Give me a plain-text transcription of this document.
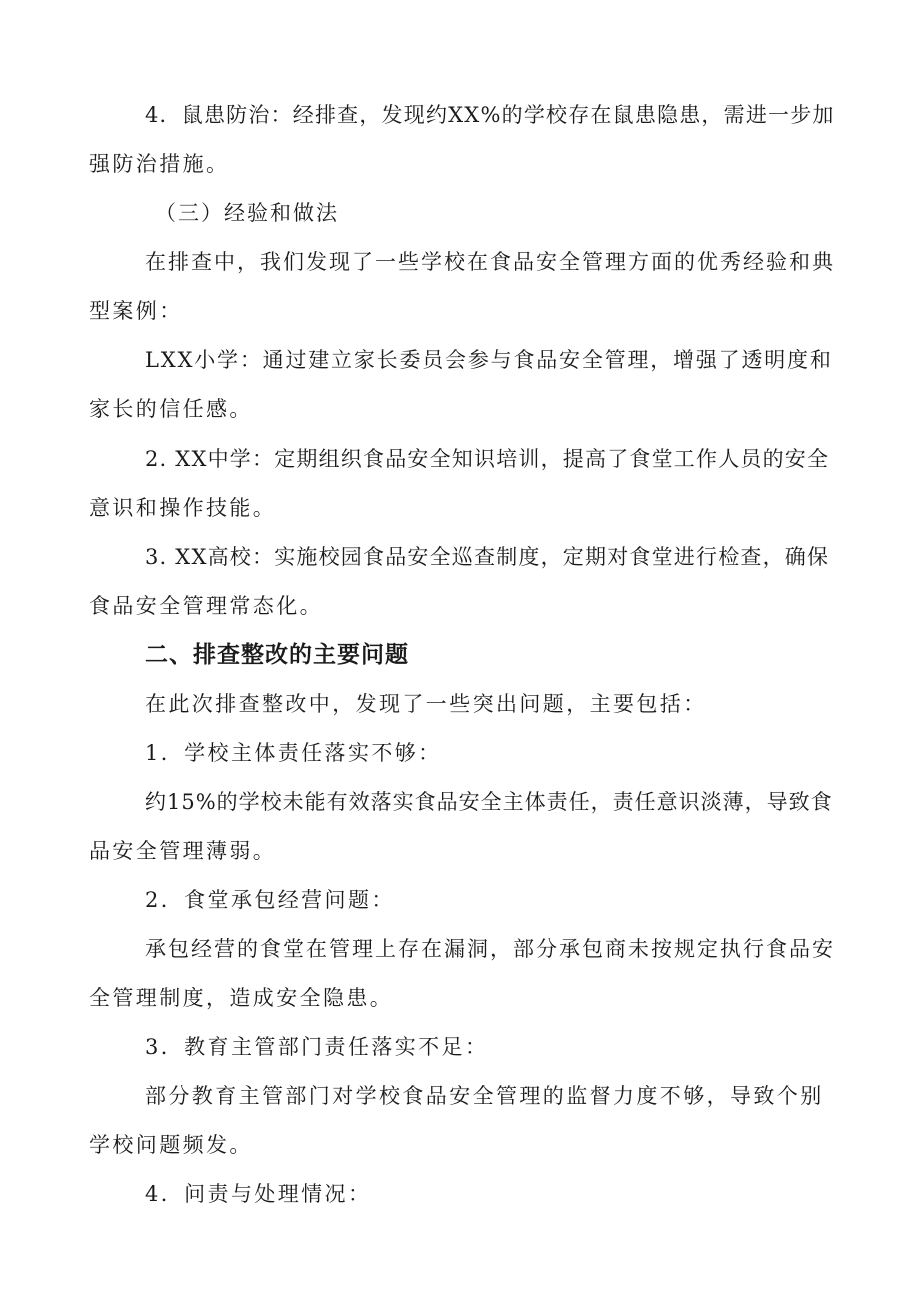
4．鼠患防治：经排查，发现约XX%的学校存在鼠患隐患，需进一步加
强防治措施。
（三）经验和做法
在排查中，我们发现了一些学校在食品安全管理方面的优秀经验和典
型案例：
LXX小学：通过建立家长委员会参与食品安全管理，增强了透明度和
家长的信任感。
2. XX中学：定期组织食品安全知识培训，提高了食堂工作人员的安全
意识和操作技能。
3. XX高校：实施校园食品安全巡查制度，定期对食堂进行检查，确保
食品安全管理常态化。
二、排查整改的主要问题
在此次排查整改中，发现了一些突出问题，主要包括：
1．学校主体责任落实不够：
约15%的学校未能有效落实食品安全主体责任，责任意识淡薄，导致食
品安全管理薄弱。
2．食堂承包经营问题：
承包经营的食堂在管理上存在漏洞，部分承包商未按规定执行食品安
全管理制度，造成安全隐患。
3．教育主管部门责任落实不足：
部分教育主管部门对学校食品安全管理的监督力度不够，导致个别
学校问题频发。
4．问责与处理情况：
